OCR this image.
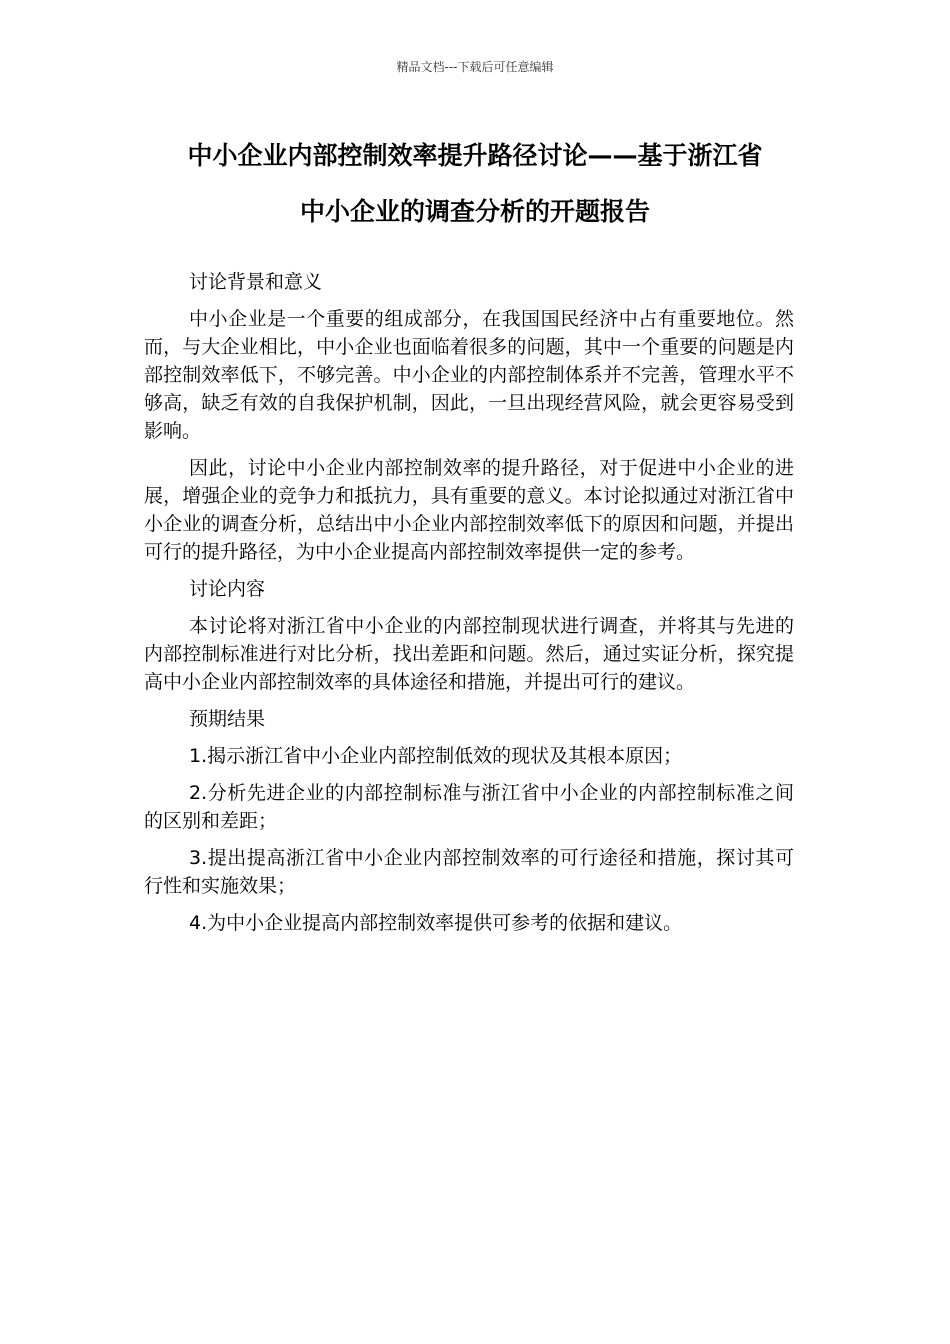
精品文档---下载后可任意编辑
中小企业内部控制效率提升路径讨论——基于浙江省
中小企业的调查分析的开题报告

讨论背景和意义

中小企业是一个重要的组成部分，在我国国民经济中占有重要地位。然而，与大企业相比，中小企业也面临着很多的问题，其中一个重要的问题是内部控制效率低下，不够完善。中小企业的内部控制体系并不完善，管理水平不够高，缺乏有效的自我保护机制，因此，一旦出现经营风险，就会更容易受到影响。

因此，讨论中小企业内部控制效率的提升路径，对于促进中小企业的进展，增强企业的竞争力和抵抗力，具有重要的意义。本讨论拟通过对浙江省中小企业的调查分析，总结出中小企业内部控制效率低下的原因和问题，并提出可行的提升路径，为中小企业提高内部控制效率提供一定的参考。

讨论内容

本讨论将对浙江省中小企业的内部控制现状进行调查，并将其与先进的内部控制标准进行对比分析，找出差距和问题。然后，通过实证分析，探究提高中小企业内部控制效率的具体途径和措施，并提出可行的建议。

预期结果

1.揭示浙江省中小企业内部控制低效的现状及其根本原因；

2.分析先进企业的内部控制标准与浙江省中小企业的内部控制标准之间的区别和差距；

3.提出提高浙江省中小企业内部控制效率的可行途径和措施，探讨其可行性和实施效果；

4.为中小企业提高内部控制效率提供可参考的依据和建议。
